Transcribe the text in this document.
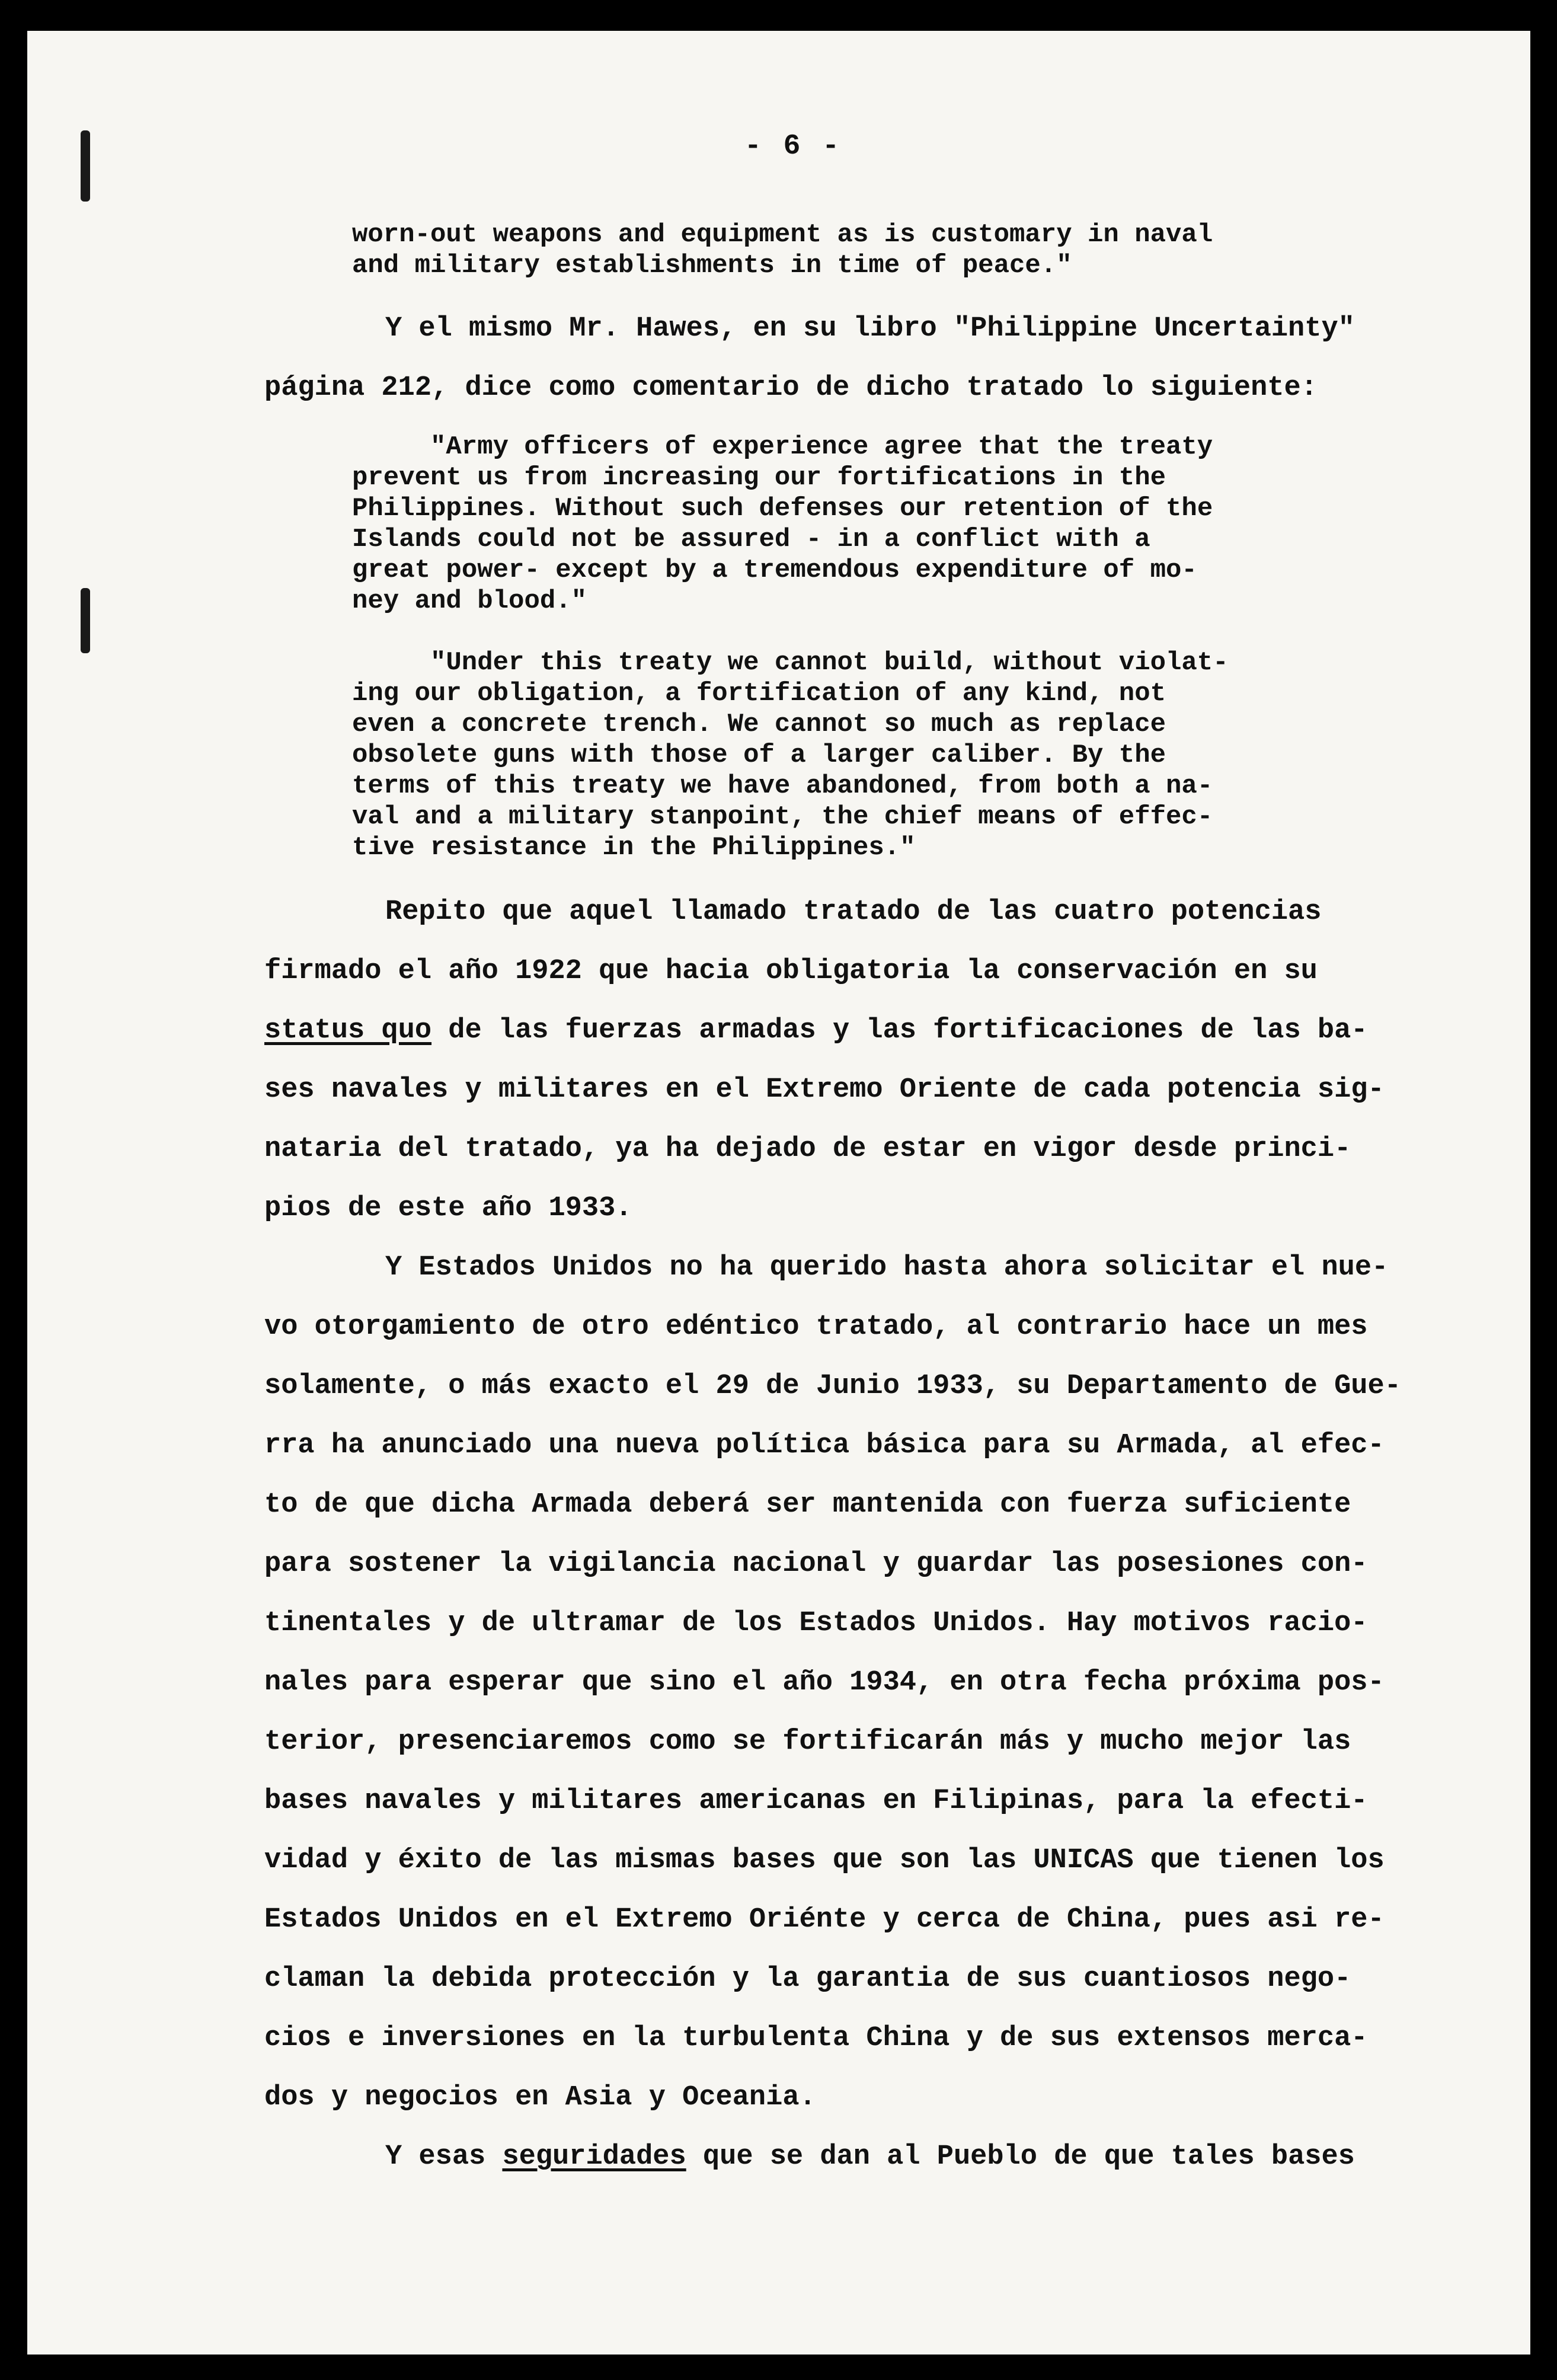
- 6 -
worn-out weapons and equipment as is customary in naval
and military establishments in time of peace."
Y el mismo Mr. Hawes, en su libro "Philippine Uncertainty"
página 212, dice como comentario de dicho tratado lo siguiente:
"Army officers of experience agree that the treaty
prevent us from increasing our fortifications in the
Philippines. Without such defenses our retention of the
Islands could not be assured - in a conflict with a
great power- except by a tremendous expenditure of mo-
ney and blood."
"Under this treaty we cannot build, without violat-
ing our obligation, a fortification of any kind, not
even a concrete trench. We cannot so much as replace
obsolete guns with those of a larger caliber. By the
terms of this treaty we have abandoned, from both a na-
val and a military stanpoint, the chief means of effec-
tive resistance in the Philippines."
Repito que aquel llamado tratado de las cuatro potencias
firmado el año 1922 que hacia obligatoria la conservación en su
status quo de las fuerzas armadas y las fortificaciones de las ba-
ses navales y militares en el Extremo Oriente de cada potencia sig-
nataria del tratado, ya ha dejado de estar en vigor desde princi-
pios de este año 1933.
Y Estados Unidos no ha querido hasta ahora solicitar el nue-
vo otorgamiento de otro edéntico tratado, al contrario hace un mes
solamente, o más exacto el 29 de Junio 1933, su Departamento de Gue-
rra ha anunciado una nueva política básica para su Armada, al efec-
to de que dicha Armada deberá ser mantenida con fuerza suficiente
para sostener la vigilancia nacional y guardar las posesiones con-
tinentales y de ultramar de los Estados Unidos. Hay motivos racio-
nales para esperar que sino el año 1934, en otra fecha próxima pos-
terior, presenciaremos como se fortificarán más y mucho mejor las
bases navales y militares americanas en Filipinas, para la efecti-
vidad y éxito de las mismas bases que son las UNICAS que tienen los
Estados Unidos en el Extremo Oriénte y cerca de China, pues asi re-
claman la debida protección y la garantia de sus cuantiosos nego-
cios e inversiones en la turbulenta China y de sus extensos merca-
dos y negocios en Asia y Oceania.
Y esas seguridades que se dan al Pueblo de que tales bases
